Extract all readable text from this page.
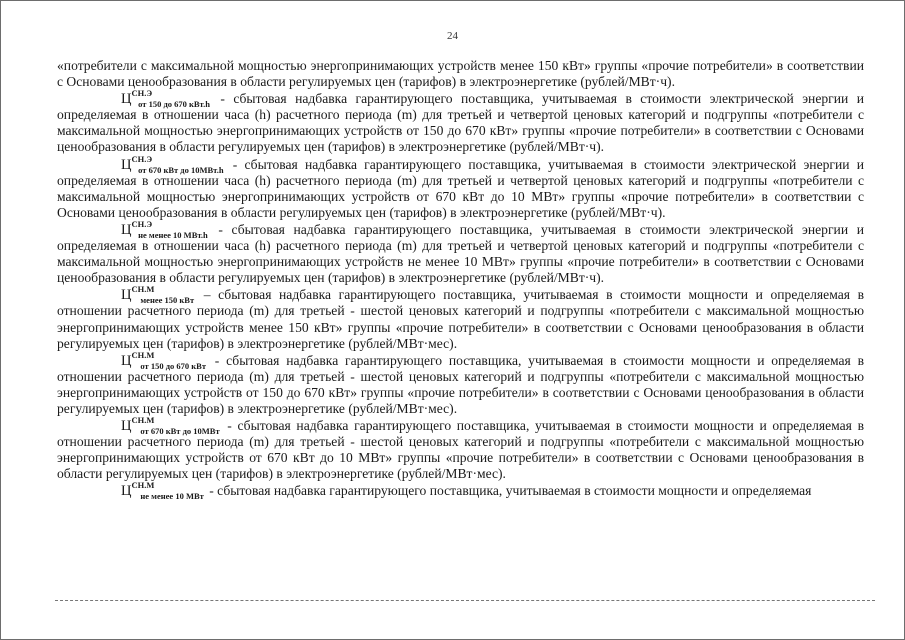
24

«потребители с максимальной мощностью энергопринимающих устройств менее 150 кВт» группы «прочие потребители» в соответствии с Основами ценообразования в области регулируемых цен (тарифов) в электроэнергетике (рублей/МВт·ч).

$Ц^{СН.Э}_{от 150 до 670 кВт.h}$ - сбытовая надбавка гарантирующего поставщика, учитываемая в стоимости электрической энергии и определяемая в отношении часа (h) расчетного периода (m) для третьей и четвертой ценовых категорий и подгруппы «потребители с максимальной мощностью энергопринимающих устройств от 150 до 670 кВт» группы «прочие потребители» в соответствии с Основами ценообразования в области регулируемых цен (тарифов) в электроэнергетике (рублей/МВт·ч).

$Ц^{СН.Э}_{от 670 кВт до 10МВт.h}$ - сбытовая надбавка гарантирующего поставщика, учитываемая в стоимости электрической энергии и определяемая в отношении часа (h) расчетного периода (m) для третьей и четвертой ценовых категорий и подгруппы «потребители с максимальной мощностью энергопринимающих устройств от 670 кВт до 10 МВт» группы «прочие потребители» в соответствии с Основами ценообразования в области регулируемых цен (тарифов) в электроэнергетике (рублей/МВт·ч).

$Ц^{СН.Э}_{не менее 10 МВт.h}$ - сбытовая надбавка гарантирующего поставщика, учитываемая в стоимости электрической энергии и определяемая в отношении часа (h) расчетного периода (m) для третьей и четвертой ценовых категорий и подгруппы «потребители с максимальной мощностью энергопринимающих устройств не менее 10 МВт» группы «прочие потребители» в соответствии с Основами ценообразования в области регулируемых цен (тарифов) в электроэнергетике (рублей/МВт·ч).

$Ц^{СН.М}_{менее 150 кВт}$ – сбытовая надбавка гарантирующего поставщика, учитываемая в стоимости мощности и определяемая в отношении расчетного периода (m) для третьей - шестой ценовых категорий и подгруппы «потребители с максимальной мощностью энергопринимающих устройств менее 150 кВт» группы «прочие потребители» в соответствии с Основами ценообразования в области регулируемых цен (тарифов) в электроэнергетике (рублей/МВт·мес).

$Ц^{СН.М}_{от 150 до 670 кВт}$ - сбытовая надбавка гарантирующего поставщика, учитываемая в стоимости мощности и определяемая в отношении расчетного периода (m) для третьей - шестой ценовых категорий и подгруппы «потребители с максимальной мощностью энергопринимающих устройств от 150 до 670 кВт» группы «прочие потребители» в соответствии с Основами ценообразования в области регулируемых цен (тарифов) в электроэнергетике (рублей/МВт·мес).

$Ц^{СН.М}_{от 670 кВт до 10МВт}$ - сбытовая надбавка гарантирующего поставщика, учитываемая в стоимости мощности и определяемая в отношении расчетного периода (m) для третьей - шестой ценовых категорий и подгруппы «потребители с максимальной мощностью энергопринимающих устройств от 670 кВт до 10 МВт» группы «прочие потребители» в соответствии с Основами ценообразования в области регулируемых цен (тарифов) в электроэнергетике (рублей/МВт·мес).

$Ц^{СН.М}_{не менее 10 МВт}$ - сбытовая надбавка гарантирующего поставщика, учитываемая в стоимости мощности и определяемая
